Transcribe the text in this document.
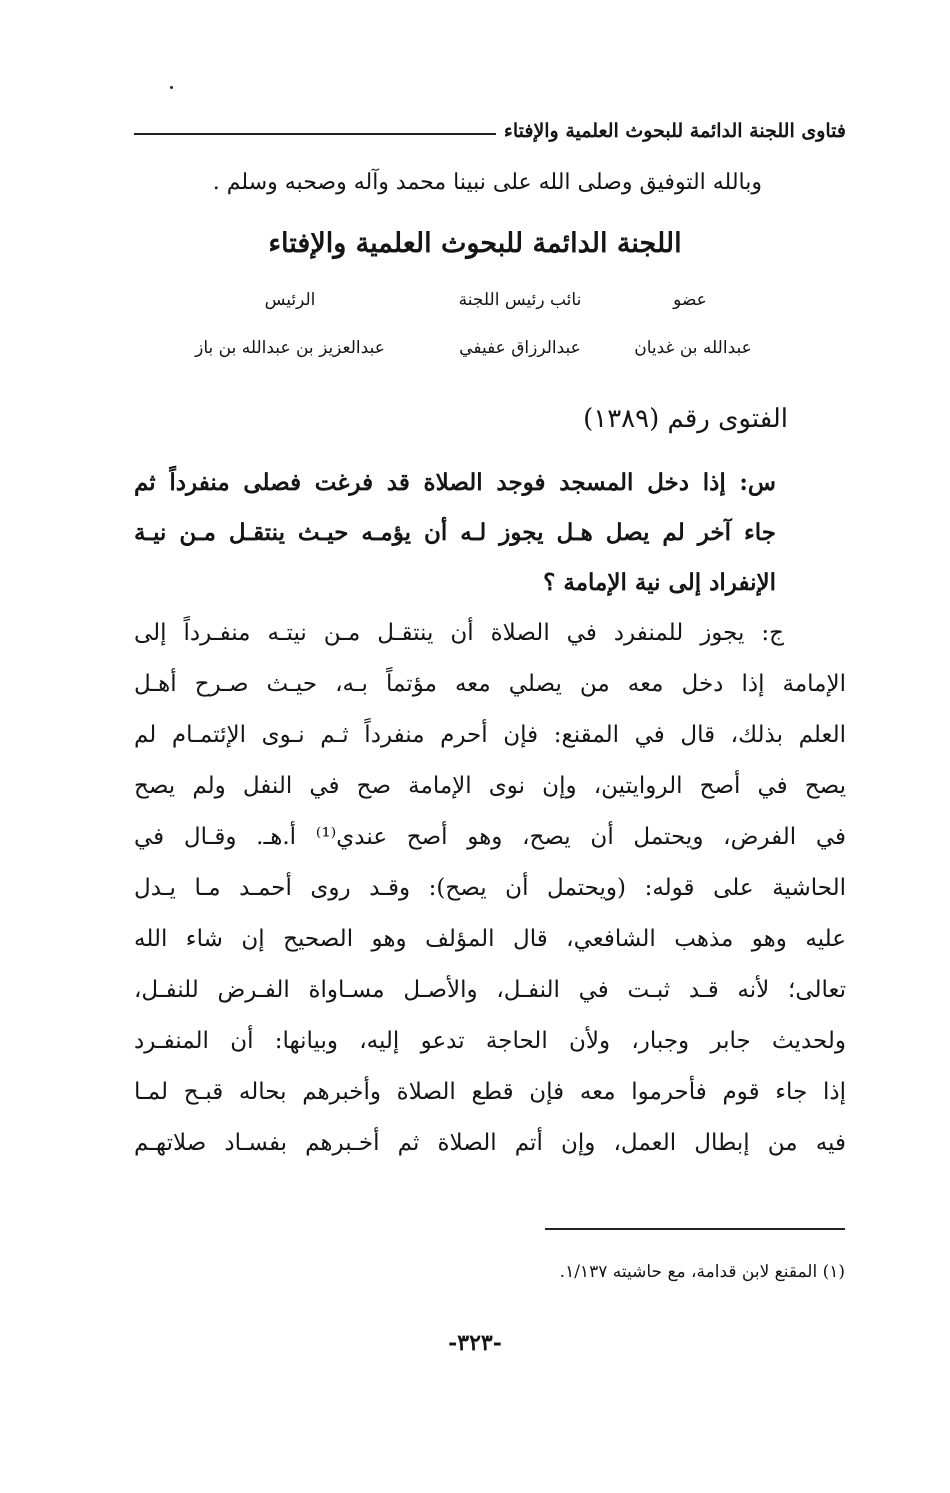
فتاوى اللجنة الدائمة للبحوث العلمية والإفتاء
وبالله التوفيق وصلى الله على نبينا محمد وآله وصحبه وسلم .
اللجنة الدائمة للبحوث العلمية والإفتاء
عضو
نائب رئيس اللجنة
الرئيس
عبدالله بن غديان
عبدالرزاق عفيفي
عبدالعزيز بن عبدالله بن باز
الفتوى رقم (١٣٨٩)
س: إذا دخل المسجد فوجد الصلاة قد فرغت فصلى منفرداً ثم
جاء آخر لم يصل هـل يجوز لـه أن يؤمـه حيـث ينتقـل مـن نيـة
الإنفراد إلى نية الإمامة ؟
ج: يجوز للمنفرد في الصلاة أن ينتقـل مـن نيتـه منفـرداً إلى
الإمامة إذا دخل معه من يصلي معه مؤتماً بـه، حيـث صـرح أهـل
العلم بذلك، قال في المقنع: فإن أحرم منفرداً ثـم نـوى الإئتمـام لم
يصح في أصح الروايتين، وإن نوى الإمامة صح في النفل ولم يصح
في الفرض، ويحتمل أن يصح، وهو أصح عندي⁽¹⁾ أ.هـ. وقـال في
الحاشية على قوله: (ويحتمل أن يصح): وقـد روى أحمـد مـا يـدل
عليه وهو مذهب الشافعي، قال المؤلف وهو الصحيح إن شاء الله
تعالى؛ لأنه قـد ثبـت في النفـل، والأصـل مسـاواة الفـرض للنفـل،
ولحديث جابر وجبار، ولأن الحاجة تدعو إليه، وبيانها: أن المنفـرد
إذا جاء قوم فأحرموا معه فإن قطع الصلاة وأخبرهم بحاله قبـح لمـا
فيه من إبطال العمل، وإن أتم الصلاة ثم أخـبرهم بفسـاد صلاتهـم
(١) المقنع لابن قدامة، مع حاشيته ١/١٣٧.
-٣٢٣-
